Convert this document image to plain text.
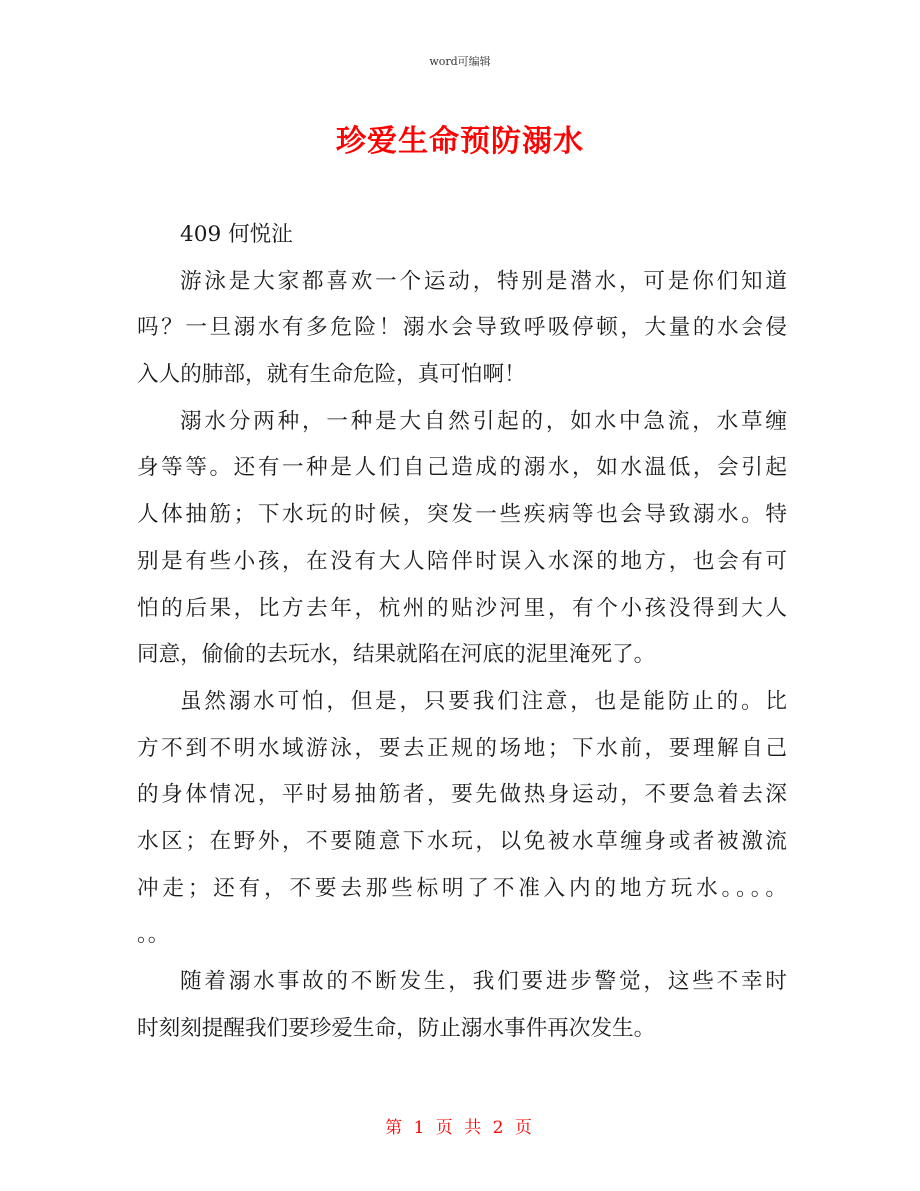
word可编辑
珍爱生命预防溺水
409 何悦沚
游泳是大家都喜欢一个运动，特别是潜水，可是你们知道
吗？一旦溺水有多危险！溺水会导致呼吸停顿，大量的水会侵
入人的肺部，就有生命危险，真可怕啊！
溺水分两种，一种是大自然引起的，如水中急流，水草缠
身等等。还有一种是人们自己造成的溺水，如水温低，会引起
人体抽筋；下水玩的时候，突发一些疾病等也会导致溺水。特
别是有些小孩，在没有大人陪伴时误入水深的地方，也会有可
怕的后果，比方去年，杭州的贴沙河里，有个小孩没得到大人
同意，偷偷的去玩水，结果就陷在河底的泥里淹死了。
虽然溺水可怕，但是，只要我们注意，也是能防止的。比
方不到不明水域游泳，要去正规的场地；下水前，要理解自己
的身体情况，平时易抽筋者，要先做热身运动，不要急着去深
水区；在野外，不要随意下水玩，以免被水草缠身或者被激流
冲走；还有，不要去那些标明了不准入内的地方玩水。。。。
。。
随着溺水事故的不断发生，我们要进步警觉，这些不幸时
时刻刻提醒我们要珍爱生命，防止溺水事件再次发生。
第 1 页 共 2 页
